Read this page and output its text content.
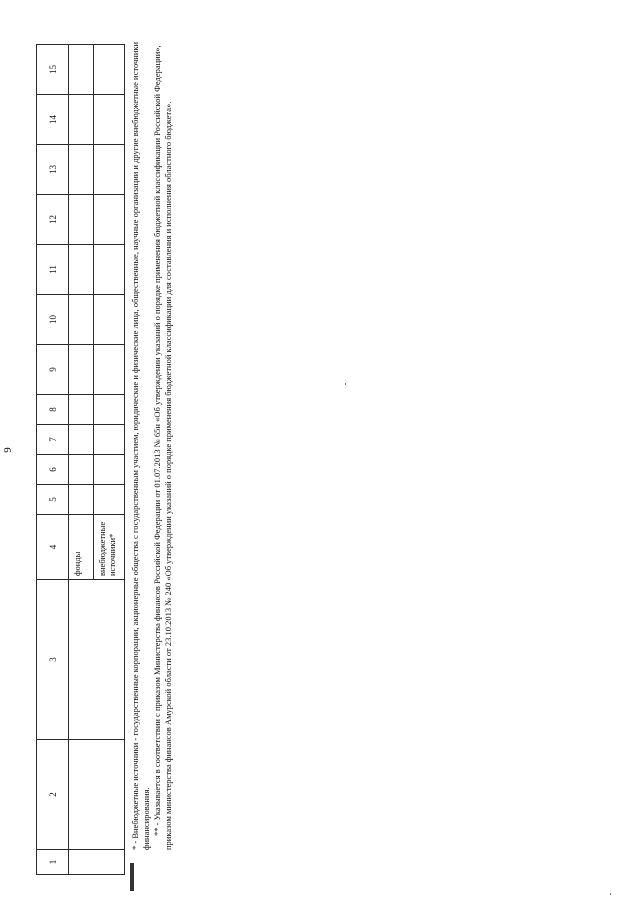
9
1	2	3	4	5	6	7	8	9	10	11	12	13	14	15

			фонды											

			внебюджетные источники*											
												* - Внебюджетные источники - государственные корпорации, акционерные общества с государственным участием, юридические и физические лица, общественные, научные организации и другие внебюджетные источники финансирования. ** - Указывается в соответствии с приказом Министерства финансов Российской Федерации от 01.07.2013 № 65н «Об утверждении указаний о порядке применения бюджетной классификации Российской Федерации», приказом министерства финансов Амурской области от 23.10.2013 № 240 «Об утверждении указаний о порядке применения бюджетной классификации для составления и исполнения областного бюджета».
